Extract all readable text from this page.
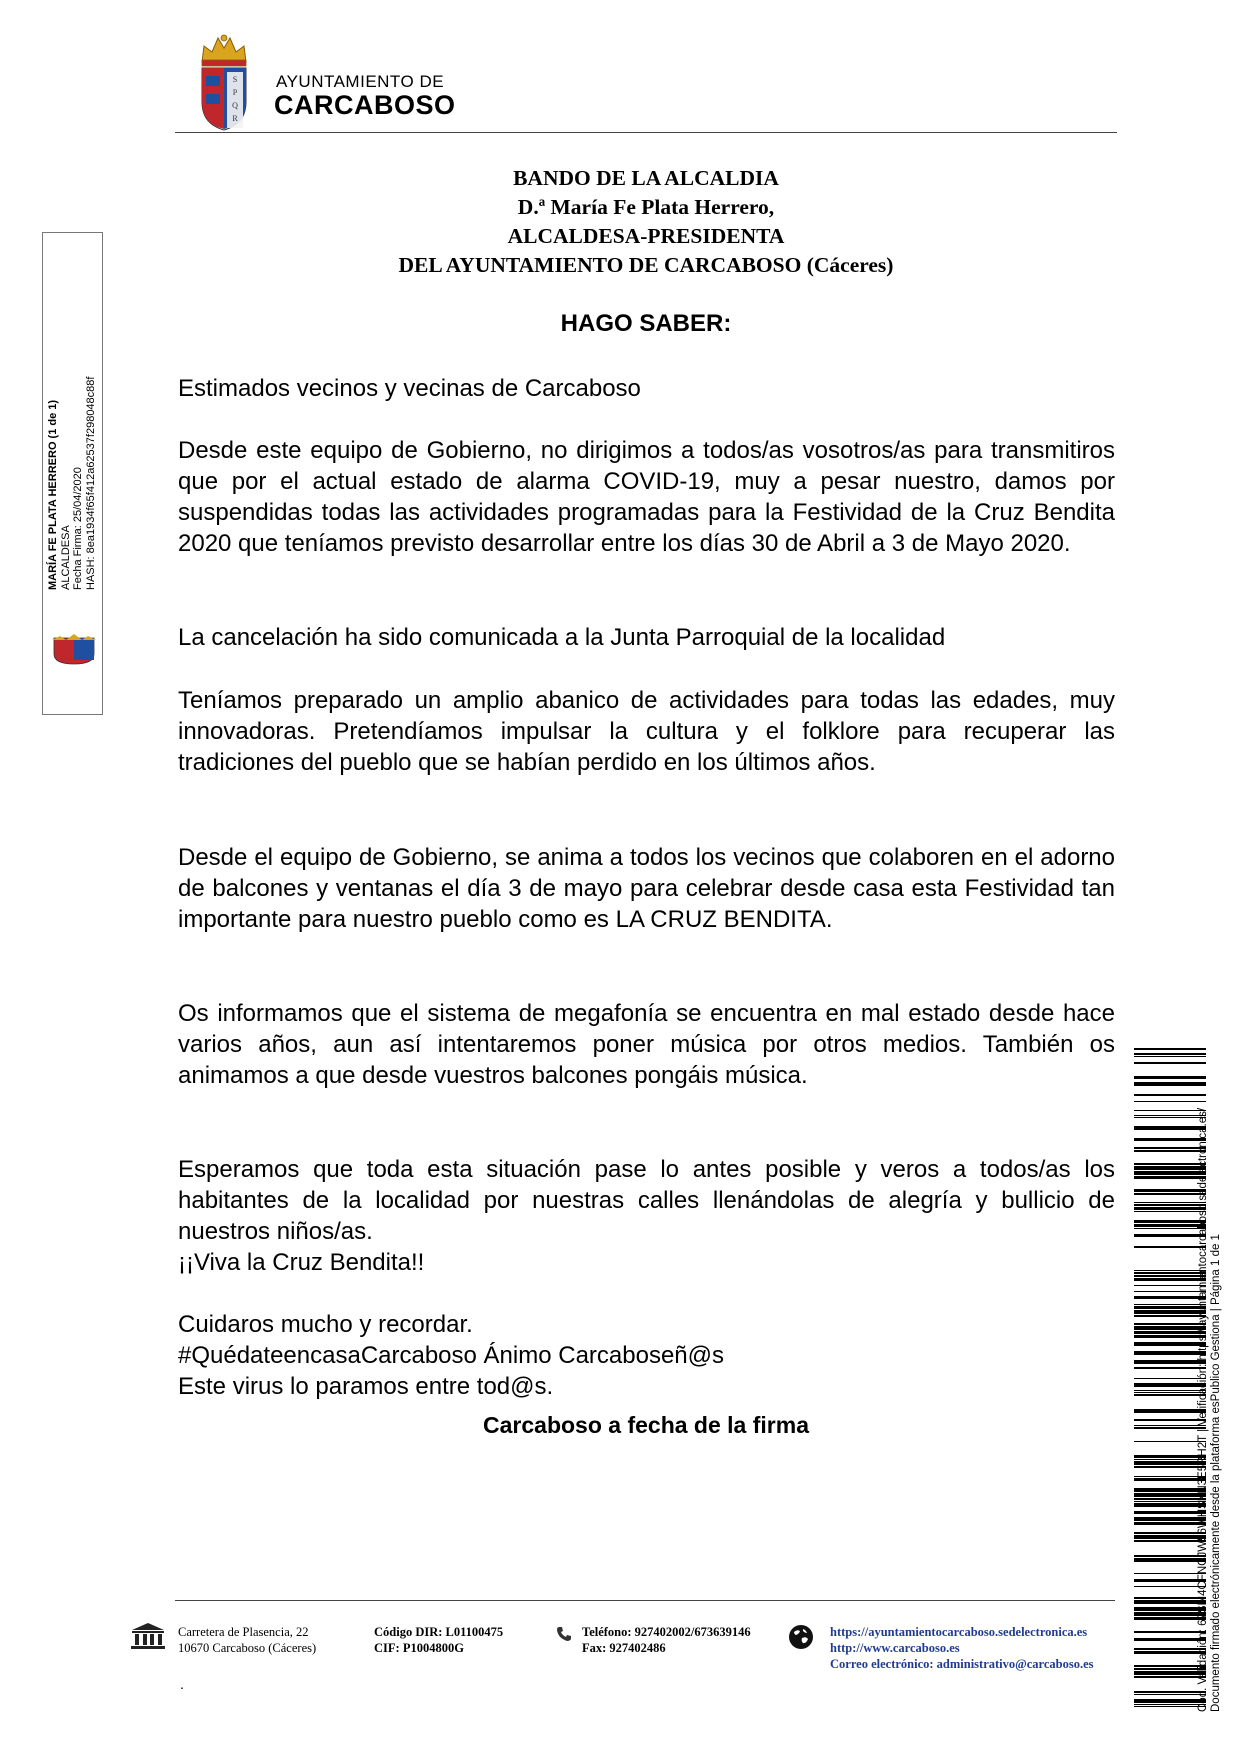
S
P
Q
R
AYUNTAMIENTO DE
CARCABOSO
BANDO DE LA ALCALDIA
D.ª María Fe Plata Herrero,
ALCALDESA-PRESIDENTA
DEL AYUNTAMIENTO DE CARCABOSO (Cáceres)
HAGO SABER:
Estimados vecinos y vecinas de Carcaboso
Desde este equipo de Gobierno, no dirigimos a todos/as vosotros/as para transmitiros que por el actual estado de alarma COVID-19, muy a pesar nuestro, damos por suspendidas todas las actividades programadas para la Festividad de la Cruz Bendita 2020 que teníamos previsto desarrollar entre los días 30 de Abril a 3 de Mayo 2020.
La cancelación ha sido comunicada a la Junta Parroquial de la localidad
Teníamos preparado un amplio abanico de actividades para todas las edades, muy innovadoras. Pretendíamos impulsar la cultura y el folklore para recuperar las tradiciones del pueblo que se habían perdido en los últimos años.
Desde el equipo de Gobierno, se anima a todos los vecinos que colaboren en el adorno de balcones y ventanas el día 3 de mayo para celebrar desde casa esta Festividad tan importante para nuestro pueblo como es LA CRUZ BENDITA.
Os informamos que el sistema de megafonía se encuentra en mal estado desde hace varios años, aun así intentaremos poner música por otros medios. También os animamos a que desde vuestros balcones pongáis música.
Esperamos que toda esta situación pase lo antes posible y veros a todos/as los habitantes de la localidad por nuestras calles llenándolas de alegría y bullicio de nuestros niños/as.
¡¡Viva la Cruz Bendita!!
Cuidaros mucho y recordar.
#QuédateencasaCarcaboso Ánimo Carcaboseñ@s
Este virus lo paramos entre tod@s.
Carcaboso a fecha de la firma
MARÍA FE PLATA HERRERO (1 de 1) ALCALDESA Fecha Firma: 25/04/2020 HASH: 8ea1934f65f412a62537f298048c88f
Cód. Validación: 67SM4CFNCJW56WHSKN3E5RH2T | Verificación: https://ayuntamientocarcaboso.sedelectronica.es/ Documento firmado electrónicamente desde la plataforma esPublico Gestiona | Página 1 de 1
Carretera de Plasencia, 22
10670 Carcaboso (Cáceres)
Código DIR: L01100475
CIF: P1004800G
Teléfono: 927402002/673639146
Fax: 927402486
https://ayuntamientocarcaboso.sedelectronica.es
http://www.carcaboso.es
Correo electrónico: administrativo@carcaboso.es
.
